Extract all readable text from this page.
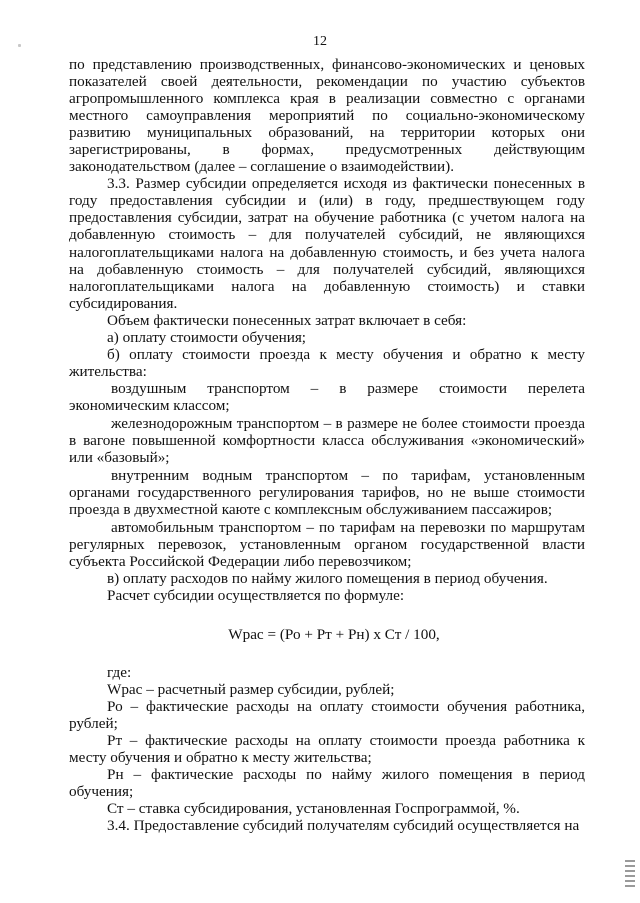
12

по представлению производственных, финансово-экономических и ценовых показателей своей деятельности, рекомендации по участию субъектов агропромышленного комплекса края в реализации совместно с органами местного самоуправления мероприятий по социально-экономическому развитию муниципальных образований, на территории которых они зарегистрированы, в формах, предусмотренных действующим законодательством (далее – соглашение о взаимодействии).

3.3. Размер субсидии определяется исходя из фактически понесенных в году предоставления субсидии и (или) в году, предшествующем году предоставления субсидии, затрат на обучение работника (с учетом налога на добавленную стоимость – для получателей субсидий, не являющихся налогоплательщиками налога на добавленную стоимость, и без учета налога на добавленную стоимость – для получателей субсидий, являющихся налогоплательщиками налога на добавленную стоимость) и ставки субсидирования.

Объем фактически понесенных затрат включает в себя:

а) оплату стоимости обучения;

б) оплату стоимости проезда к месту обучения и обратно к месту жительства:

воздушным транспортом – в размере стоимости перелета экономическим классом;

железнодорожным транспортом – в размере не более стоимости проезда в вагоне повышенной комфортности класса обслуживания «экономический» или «базовый»;

внутренним водным транспортом – по тарифам, установленным органами государственного регулирования тарифов, но не выше стоимости проезда в двухместной каюте с комплексным обслуживанием пассажиров;

автомобильным транспортом – по тарифам на перевозки по маршрутам регулярных перевозок, установленным органом государственной власти субъекта Российской Федерации либо перевозчиком;

в) оплату расходов по найму жилого помещения в период обучения.

Расчет субсидии осуществляется по формуле:

Wрас = (Ро + Рт + Рн) х Ст / 100,

где:

Wрас – расчетный размер субсидии, рублей;

Ро – фактические расходы на оплату стоимости обучения работника, рублей;

Рт – фактические расходы на оплату стоимости проезда работника к месту обучения и обратно к месту жительства;

Рн – фактические расходы по найму жилого помещения в период обучения;

Ст – ставка субсидирования, установленная Госпрограммой, %.

3.4. Предоставление субсидий получателям субсидий осуществляется на
